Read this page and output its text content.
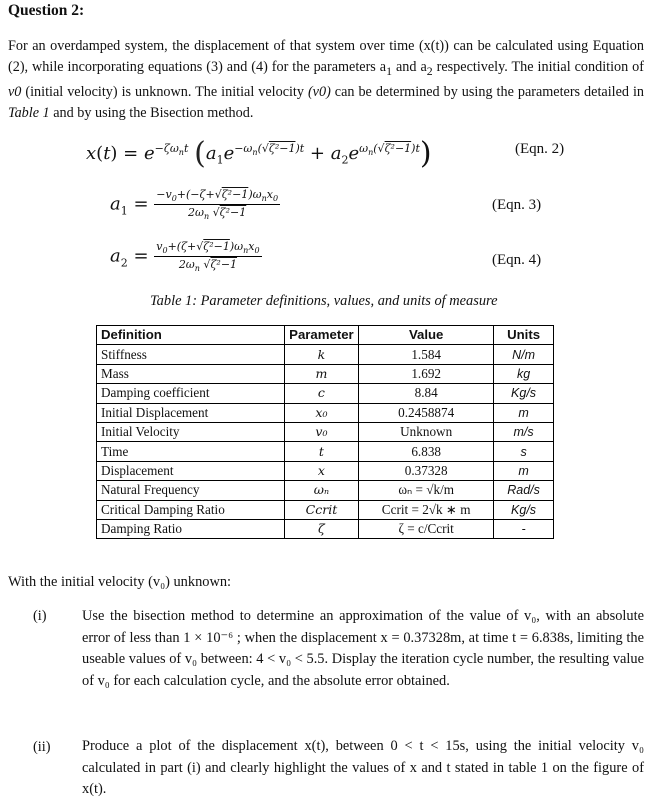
Question 2:
For an overdamped system, the displacement of that system over time (x(t)) can be calculated using Equation (2), while incorporating equations (3) and (4) for the parameters $a_1$ and $a_2$ respectively. The initial condition of v0 (initial velocity) is unknown. The initial velocity (v0) can be determined by using the parameters detailed in Table 1 and by using the Bisection method.
$x(t) = e^{-\zeta\omega_nt}$ $(a_1e^{-\omega_n(√\zeta^2-1)t} + a_2e^{\omega_n(√\zeta^2-1)t})$	(Eqn. 2)
$a_1 = \frac{-v_0+(-\zeta+√\zeta^2-1)\omega_nx_0}{2\omega_n √\zeta^2-1}$	(Eqn. 3)
$a_2 = \frac{v_0+(\zeta+√\zeta^2-1)\omega_nx_0}{2\omega_n √\zeta^2-1}$	(Eqn. 4)
Table 1: Parameter definitions, values, and units of measure
Definition	Parameter	Value	Units
Stiffness	k	1.584	N/m
Mass	m	1.692	kg
Damping coefficient	c	8.84	Kg/s
Initial Displacement	x₀	0.2458874	m
Initial Velocity	v₀	Unknown	m/s
Time	t	6.838	s
Displacement	x	0.37328	m
Natural Frequency	ωₙ	ωₙ = √k/m	Rad/s
Critical Damping Ratio	Ccrit	Ccrit = 2√k ∗ m	Kg/s
Damping Ratio	ζ	ζ = c/Ccrit	-
With the initial velocity (v₀) unknown:
(i) Use the bisection method to determine an approximation of the value of v₀, with an absolute error of less than 1 × 10⁻⁶ ; when the displacement x = 0.37328m, at time t = 6.838s, limiting the useable values of v₀ between: 4 < v₀ < 5.5. Display the iteration cycle number, the resulting value of v₀ for each calculation cycle, and the absolute error obtained.
(ii) Produce a plot of the displacement x(t), between 0 < t < 15s, using the initial velocity v₀ calculated in part (i) and clearly highlight the values of x and t stated in table 1 on the figure of x(t).
